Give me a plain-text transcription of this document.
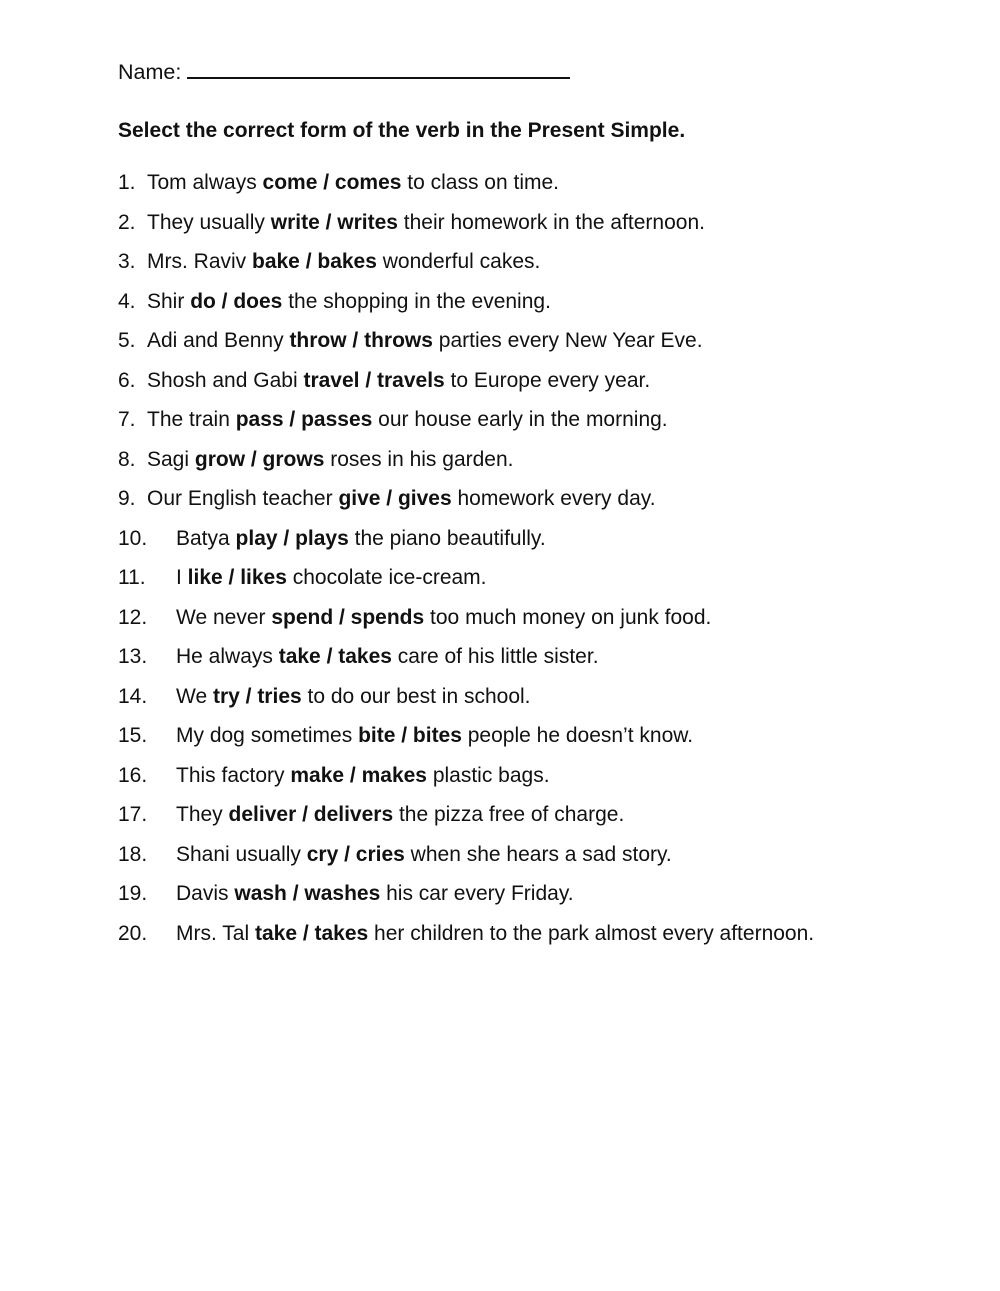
Name:
Select the correct form of the verb in the Present Simple.
1. Tom always come / comes to class on time.
2. They usually write / writes their homework in the afternoon.
3. Mrs. Raviv bake / bakes wonderful cakes.
4. Shir do / does the shopping in the evening.
5. Adi and Benny throw / throws parties every New Year Eve.
6. Shosh and Gabi travel / travels to Europe every year.
7. The train pass / passes our house early in the morning.
8. Sagi grow / grows roses in his garden.
9. Our English teacher give / gives homework every day.
10. Batya play / plays the piano beautifully.
11. I like / likes chocolate ice-cream.
12. We never spend / spends too much money on junk food.
13. He always take / takes care of his little sister.
14. We try / tries to do our best in school.
15. My dog sometimes bite / bites people he doesn’t know.
16. This factory make / makes plastic bags.
17. They deliver / delivers the pizza free of charge.
18. Shani usually cry / cries when she hears a sad story.
19. Davis wash / washes his car every Friday.
20. Mrs. Tal take / takes her children to the park almost every afternoon.
